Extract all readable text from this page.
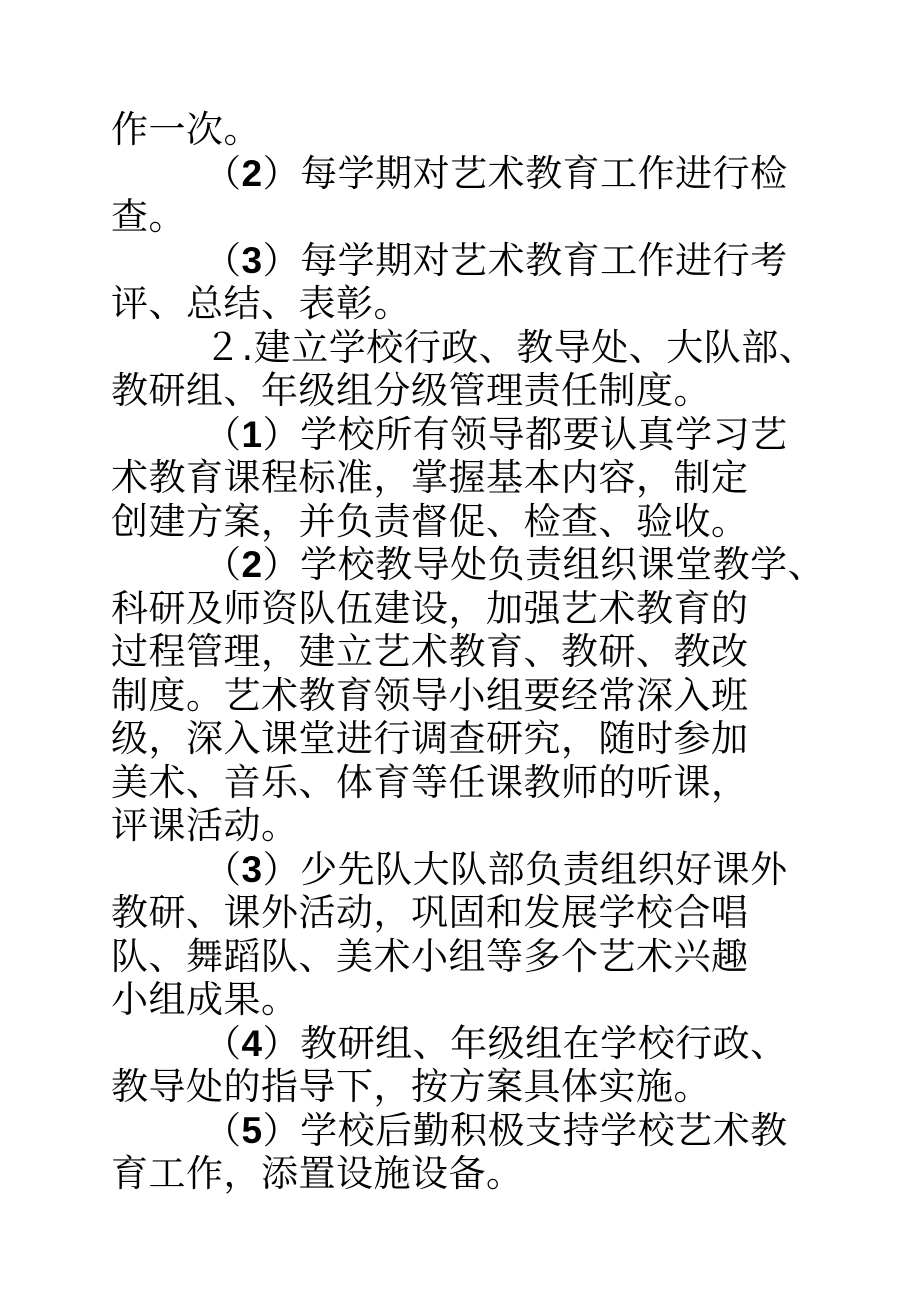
作一次。
（2）每学期对艺术教育工作进行检
查。
（3）每学期对艺术教育工作进行考
评、总结、表彰。
２.建立学校行政、教导处、大队部、
教研组、年级组分级管理责任制度。
（1）学校所有领导都要认真学习艺
术教育课程标准，掌握基本内容，制定
创建方案，并负责督促、检查、验收。
（2）学校教导处负责组织课堂教学、
科研及师资队伍建设，加强艺术教育的
过程管理，建立艺术教育、教研、教改
制度。艺术教育领导小组要经常深入班
级，深入课堂进行调查研究，随时参加
美术、音乐、体育等任课教师的听课，
评课活动。
（3）少先队大队部负责组织好课外
教研、课外活动，巩固和发展学校合唱
队、舞蹈队、美术小组等多个艺术兴趣
小组成果。
（4）教研组、年级组在学校行政、
教导处的指导下，按方案具体实施。
（5）学校后勤积极支持学校艺术教
育工作，添置设施设备。
